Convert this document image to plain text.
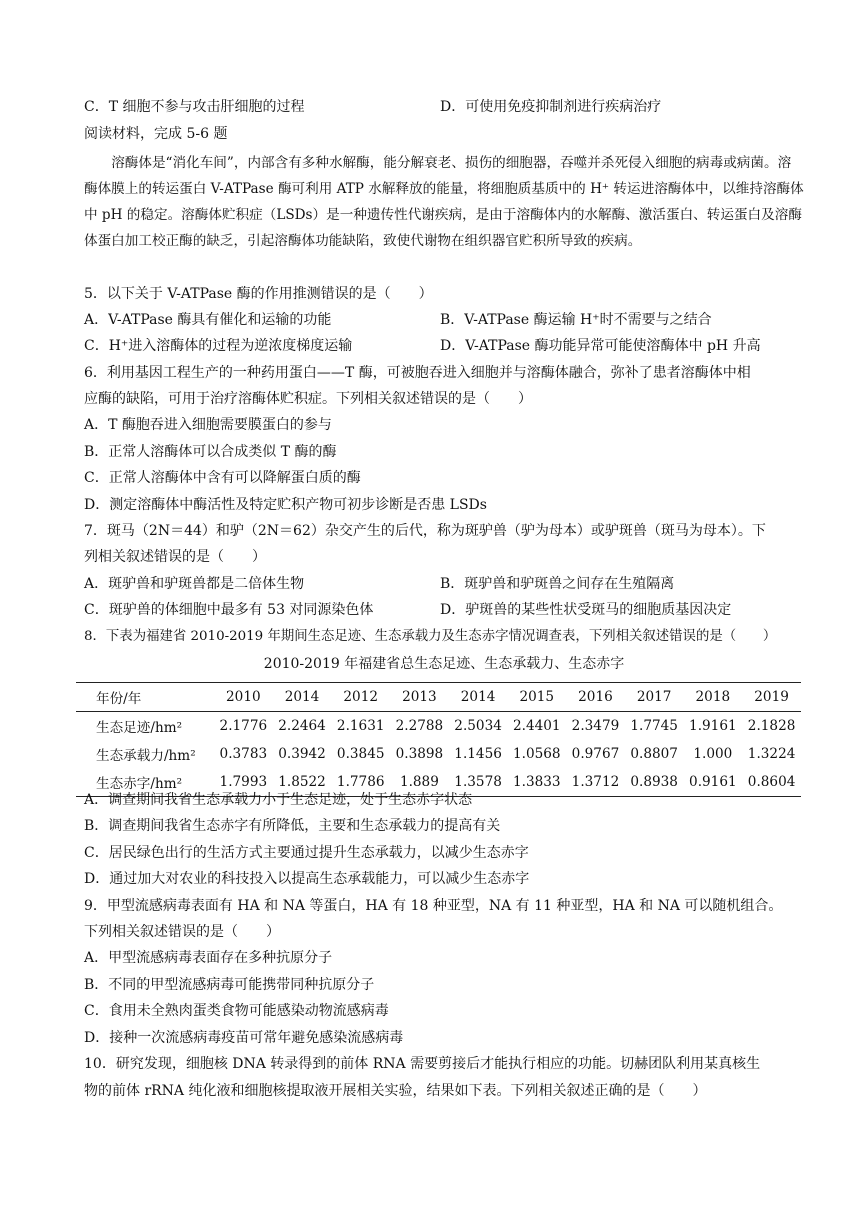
C．T 细胞不参与攻击肝细胞的过程	D．可使用免疫抑制剂进行疾病治疗
阅读材料，完成 5-6 题

溶酶体是“消化车间”，内部含有多种水解酶，能分解衰老、损伤的细胞器，吞噬并杀死侵入细胞的病毒或病菌。溶酶体膜上的转运蛋白 V-ATPase 酶可利用 ATP 水解释放的能量，将细胞质基质中的 H⁺ 转运进溶酶体中，以维持溶酶体中 pH 的稳定。溶酶体贮积症（LSDs）是一种遗传性代谢疾病，是由于溶酶体内的水解酶、激活蛋白、转运蛋白及溶酶体蛋白加工校正酶的缺乏，引起溶酶体功能缺陷，致使代谢物在组织器官贮积所导致的疾病。

5．以下关于 V-ATPase 酶的作用推测错误的是（　　）
A．V-ATPase 酶具有催化和运输的功能	B．V-ATPase 酶运输 H⁺时不需要与之结合
C．H⁺进入溶酶体的过程为逆浓度梯度运输	D．V-ATPase 酶功能异常可能使溶酶体中 pH 升高
6．利用基因工程生产的一种药用蛋白——T 酶，可被胞吞进入细胞并与溶酶体融合，弥补了患者溶酶体中相
应酶的缺陷，可用于治疗溶酶体贮积症。下列相关叙述错误的是（　　）
A．T 酶胞吞进入细胞需要膜蛋白的参与
B．正常人溶酶体可以合成类似 T 酶的酶
C．正常人溶酶体中含有可以降解蛋白质的酶
D．测定溶酶体中酶活性及特定贮积产物可初步诊断是否患 LSDs
7．斑马（2N＝44）和驴（2N＝62）杂交产生的后代，称为斑驴兽（驴为母本）或驴斑兽（斑马为母本）。下
列相关叙述错误的是（　　）
A．斑驴兽和驴斑兽都是二倍体生物	B．斑驴兽和驴斑兽之间存在生殖隔离
C．斑驴兽的体细胞中最多有 53 对同源染色体	D．驴斑兽的某些性状受斑马的细胞质基因决定
8．下表为福建省 2010-2019 年期间生态足迹、生态承载力及生态赤字情况调查表，下列相关叙述错误的是（　　）
2010-2019 年福建省总生态足迹、生态承载力、生态赤字
年份/年	2010	2014	2012	2013	2014	2015	2016	2017	2018	2019
生态足迹/hm²	2.1776	2.2464	2.1631	2.2788	2.5034	2.4401	2.3479	1.7745	1.9161	2.1828
生态承载力/hm²	0.3783	0.3942	0.3845	0.3898	1.1456	1.0568	0.9767	0.8807	1.000	1.3224
生态赤字/hm²	1.7993	1.8522	1.7786	1.889	1.3578	1.3833	1.3712	0.8938	0.9161	0.8604
A．调查期间我省生态承载力小于生态足迹，处于生态赤字状态
B．调查期间我省生态赤字有所降低，主要和生态承载力的提高有关
C．居民绿色出行的生活方式主要通过提升生态承载力，以减少生态赤字
D．通过加大对农业的科技投入以提高生态承载能力，可以减少生态赤字
9．甲型流感病毒表面有 HA 和 NA 等蛋白，HA 有 18 种亚型，NA 有 11 种亚型，HA 和 NA 可以随机组合。
下列相关叙述错误的是（　　）
A．甲型流感病毒表面存在多种抗原分子
B．不同的甲型流感病毒可能携带同种抗原分子
C．食用未全熟肉蛋类食物可能感染动物流感病毒
D．接种一次流感病毒疫苗可常年避免感染流感病毒
10．研究发现，细胞核 DNA 转录得到的前体 RNA 需要剪接后才能执行相应的功能。切赫团队利用某真核生
物的前体 rRNA 纯化液和细胞核提取液开展相关实验，结果如下表。下列相关叙述正确的是（　　）
